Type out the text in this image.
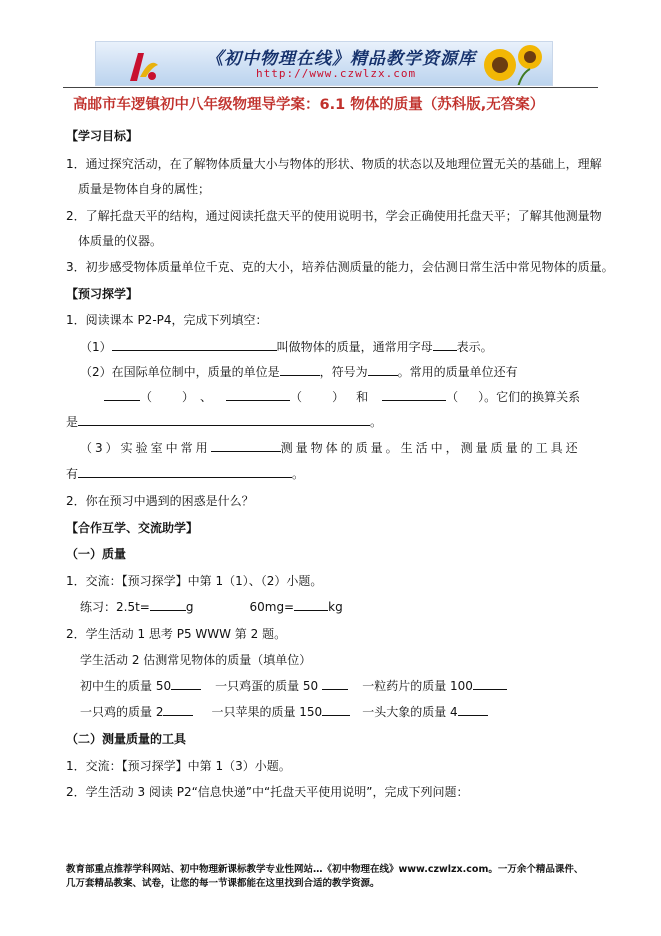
《初中物理在线》精品教学资源库
http://www.czwlzx.com
高邮市车逻镇初中八年级物理导学案：6.1 物体的质量（苏科版,无答案）
【学习目标】
1．通过探究活动，在了解物体质量大小与物体的形状、物质的状态以及地理位置无关的基础上，理解
质量是物体自身的属性；
2．了解托盘天平的结构，通过阅读托盘天平的使用说明书，学会正确使用托盘天平；了解其他测量物
体质量的仪器。
3．初步感受物体质量单位千克、克的大小，培养估测质量的能力，会估测日常生活中常见物体的质量。
【预习探学】
1．阅读课本 P2-P4，完成下列填空：
（1）	叫做物体的质量，通常用字母 表示。
（2）在国际单位制中，质量的单位是	，符号为	。常用的质量单位还有
（	） 、	（	） 和	（ ）。它们的换算关系
是	。
（3）实验室中常用	测量物体的质量。生活中，测量质量的工具还
有	。
2．你在预习中遇到的困惑是什么？
【合作互学、交流助学】
（一）质量
1．交流：【预习探学】中第 1（1）、（2）小题。
练习：2.5t=	g	60mg=	kg
2．学生活动 1 思考 P5 WWW 第 2 题。
学生活动 2 估测常见物体的质量（填单位）
初中生的质量 50	一只鸡蛋的质量 50	一粒药片的质量 100
一只鸡的质量 2	一只苹果的质量 150	一头大象的质量 4
（二）测量质量的工具
1．交流：【预习探学】中第 1（3）小题。
2．学生活动 3 阅读 P2“信息快递”中“托盘天平使用说明”，完成下列问题：
教育部重点推荐学科网站、初中物理新课标教学专业性网站…《初中物理在线》www.czwlzx.com。一万余个精品课件、
几万套精品教案、试卷，让您的每一节课都能在这里找到合适的教学资源。
